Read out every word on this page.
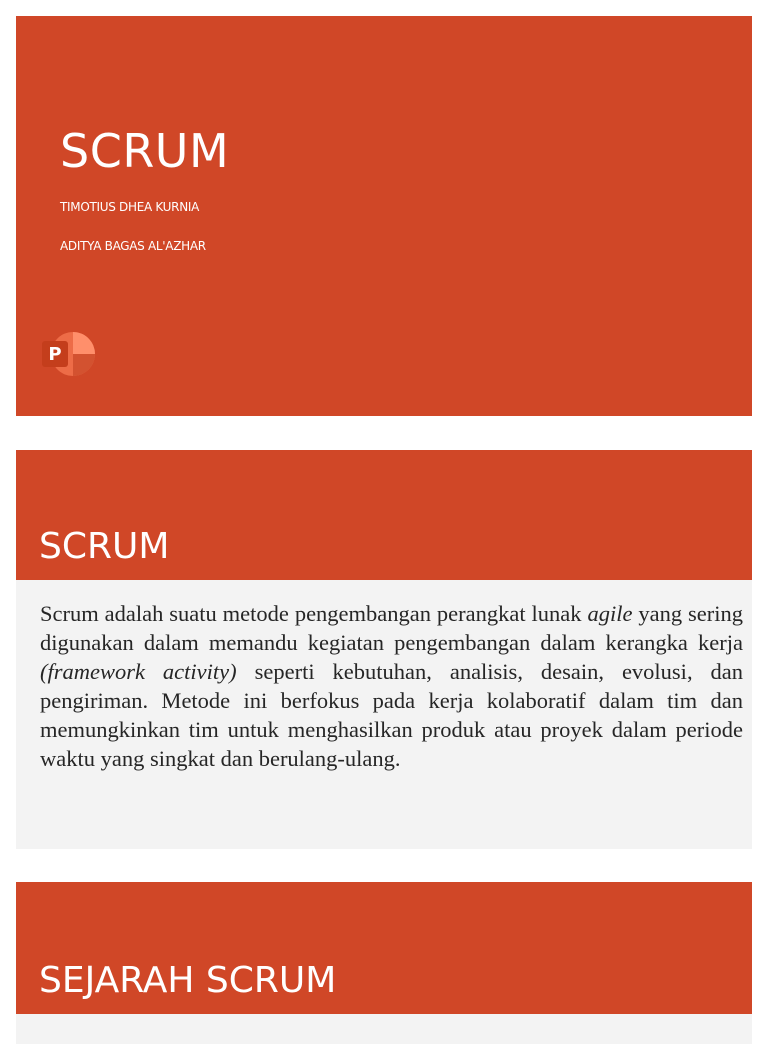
SCRUM
TIMOTIUS DHEA KURNIA
ADITYA BAGAS AL'AZHAR
P
SCRUM
Scrum adalah suatu metode pengembangan perangkat lunak agile yang sering digunakan dalam memandu kegiatan pengembangan dalam kerangka kerja (framework activity) seperti kebutuhan, analisis, desain, evolusi, dan pengiriman. Metode ini berfokus pada kerja kolaboratif dalam tim dan memungkinkan tim untuk menghasilkan produk atau proyek dalam periode waktu yang singkat dan berulang-ulang.
SEJARAH SCRUM
